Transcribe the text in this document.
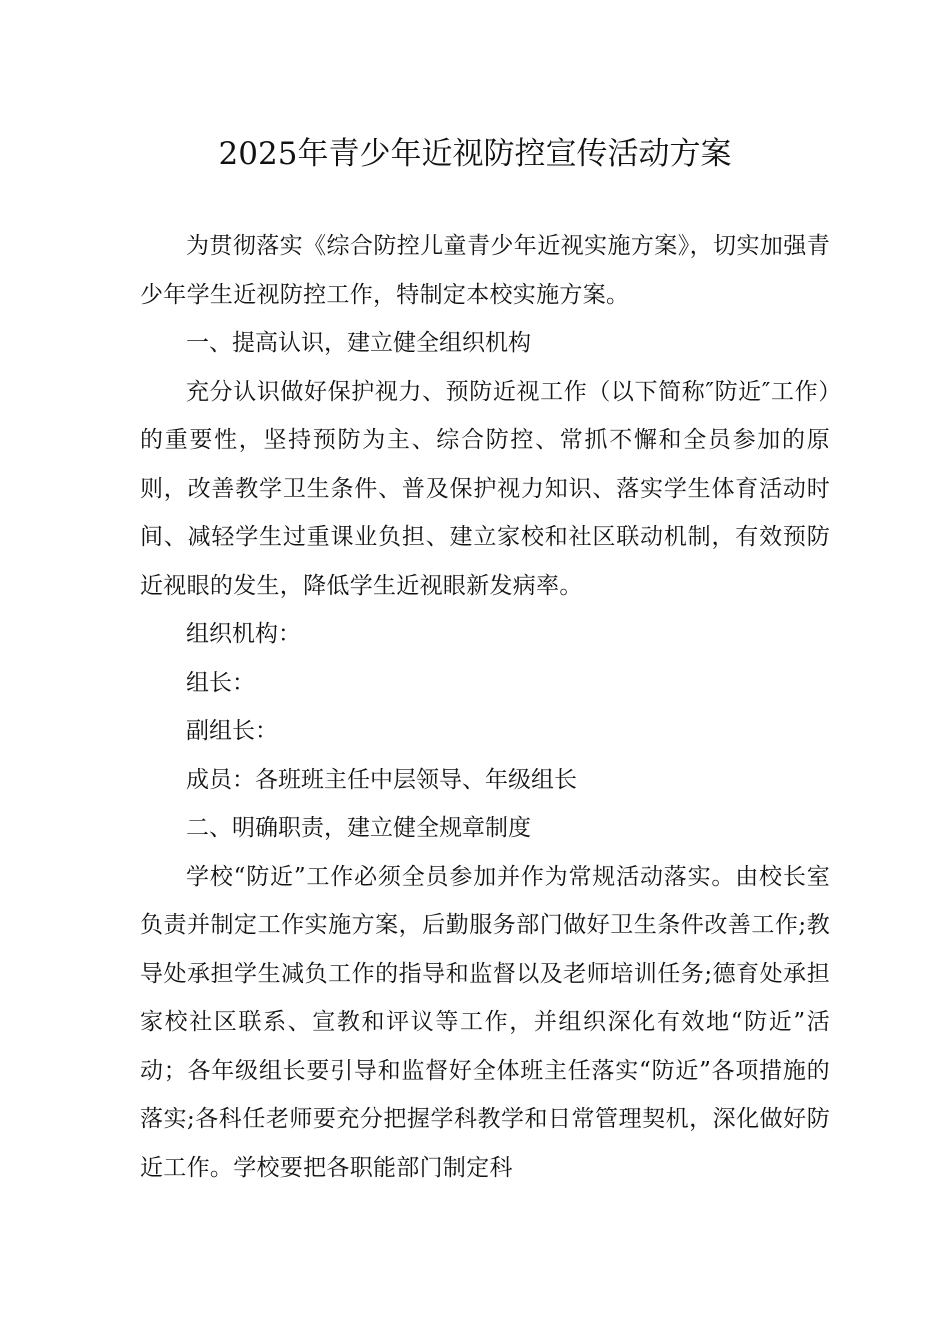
2025年青少年近视防控宣传活动方案

为贯彻落实《综合防控儿童青少年近视实施方案》，切实加强青少年学生近视防控工作，特制定本校实施方案。

一、提高认识，建立健全组织机构

充分认识做好保护视力、预防近视工作（以下简称″防近″工作）的重要性，坚持预防为主、综合防控、常抓不懈和全员参加的原则，改善教学卫生条件、普及保护视力知识、落实学生体育活动时间、减轻学生过重课业负担、建立家校和社区联动机制，有效预防近视眼的发生，降低学生近视眼新发病率。

组织机构：

组长：

副组长：

成员：各班班主任中层领导、年级组长

二、明确职责，建立健全规章制度

学校“防近”工作必须全员参加并作为常规活动落实。由校长室负责并制定工作实施方案，后勤服务部门做好卫生条件改善工作;教导处承担学生减负工作的指导和监督以及老师培训任务;德育处承担家校社区联系、宣教和评议等工作，并组织深化有效地“防近”活动；各年级组长要引导和监督好全体班主任落实“防近”各项措施的落实;各科任老师要充分把握学科教学和日常管理契机，深化做好防近工作。学校要把各职能部门制定科
